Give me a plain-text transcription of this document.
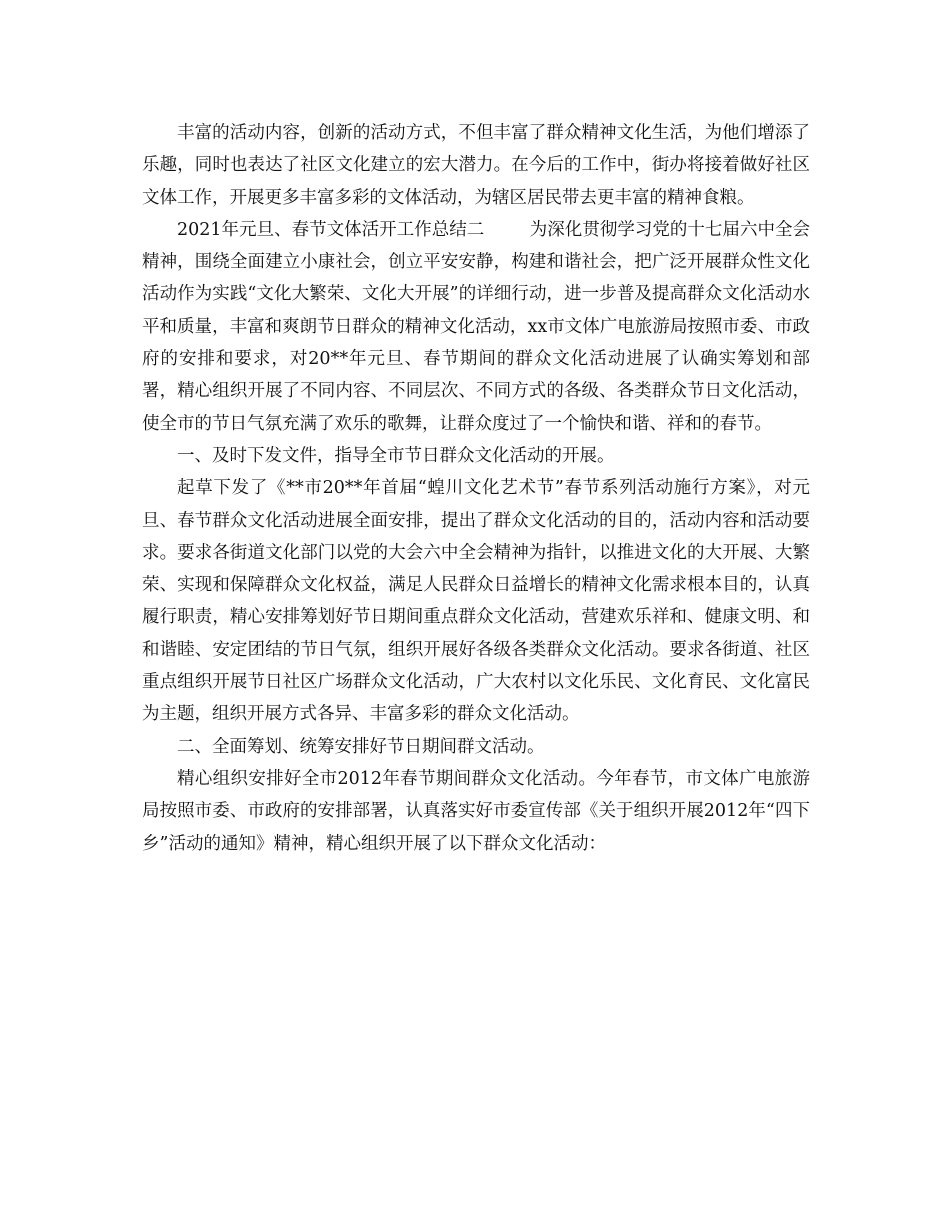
丰富的活动内容，创新的活动方式，不但丰富了群众精神文化生活，为他们增添了乐趣，同时也表达了社区文化建立的宏大潜力。在今后的工作中，街办将接着做好社区文体工作，开展更多丰富多彩的文体活动，为辖区居民带去更丰富的精神食粮。

2021年元旦、春节文体活开工作总结二	为深化贯彻学习党的十七届六中全会精神，围绕全面建立小康社会，创立平安安静，构建和谐社会，把广泛开展群众性文化活动作为实践“文化大繁荣、文化大开展”的详细行动，进一步普及提高群众文化活动水平和质量，丰富和爽朗节日群众的精神文化活动，xx市文体广电旅游局按照市委、市政府的安排和要求，对20**年元旦、春节期间的群众文化活动进展了认确实筹划和部署，精心组织开展了不同内容、不同层次、不同方式的各级、各类群众节日文化活动，使全市的节日气氛充满了欢乐的歌舞，让群众度过了一个愉快和谐、祥和的春节。

一、及时下发文件，指导全市节日群众文化活动的开展。

起草下发了《**市20**年首届“蝗川文化艺术节”春节系列活动施行方案》，对元旦、春节群众文化活动进展全面安排，提出了群众文化活动的目的，活动内容和活动要求。要求各街道文化部门以党的大会六中全会精神为指针，以推进文化的大开展、大繁荣、实现和保障群众文化权益，满足人民群众日益增长的精神文化需求根本目的，认真履行职责，精心安排筹划好节日期间重点群众文化活动，营建欢乐祥和、健康文明、和和谐睦、安定团结的节日气氛，组织开展好各级各类群众文化活动。要求各街道、社区重点组织开展节日社区广场群众文化活动，广大农村以文化乐民、文化育民、文化富民为主题，组织开展方式各异、丰富多彩的群众文化活动。

二、全面筹划、统筹安排好节日期间群文活动。

精心组织安排好全市2012年春节期间群众文化活动。今年春节，市文体广电旅游局按照市委、市政府的安排部署，认真落实好市委宣传部《关于组织开展2012年“四下乡”活动的通知》精神，精心组织开展了以下群众文化活动：
